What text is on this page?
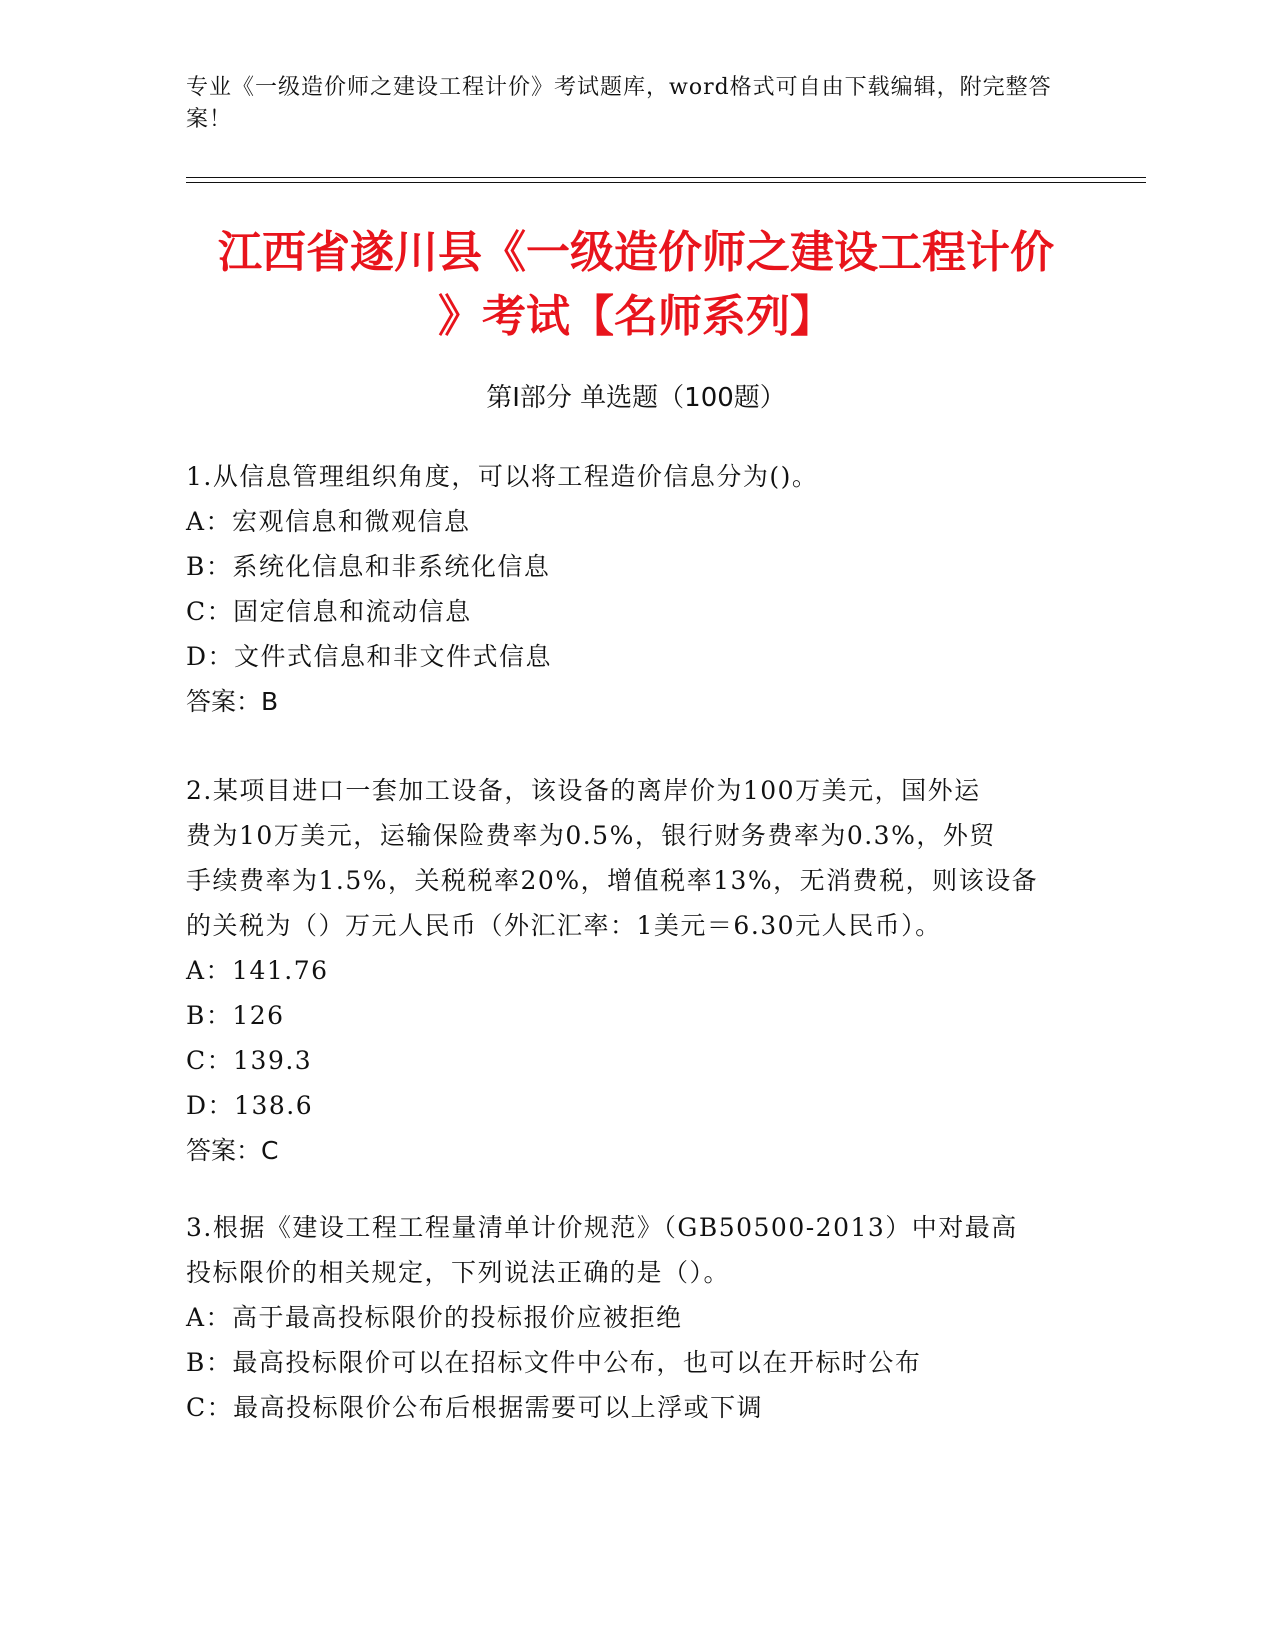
专业《一级造价师之建设工程计价》考试题库，word格式可自由下载编辑，附完整答案！
江西省遂川县《一级造价师之建设工程计价
》考试【名师系列】
第I部分 单选题（100题）

1.从信息管理组织角度，可以将工程造价信息分为()。

A：宏观信息和微观信息

B：系统化信息和非系统化信息

C：固定信息和流动信息

D：文件式信息和非文件式信息

答案：B

2.某项目进口一套加工设备，该设备的离岸价为100万美元，国外运

费为10万美元，运输保险费率为0.5%，银行财务费率为0.3%，外贸

手续费率为1.5%，关税税率20%，增值税率13%，无消费税，则该设备

的关税为（）万元人民币（外汇汇率：1美元＝6.30元人民币）。

A：141.76

B：126

C：139.3

D：138.6

答案：C

3.根据《建设工程工程量清单计价规范》（GB50500-2013）中对最高

投标限价的相关规定，下列说法正确的是（）。

A：高于最高投标限价的投标报价应被拒绝

B：最高投标限价可以在招标文件中公布，也可以在开标时公布

C：最高投标限价公布后根据需要可以上浮或下调
